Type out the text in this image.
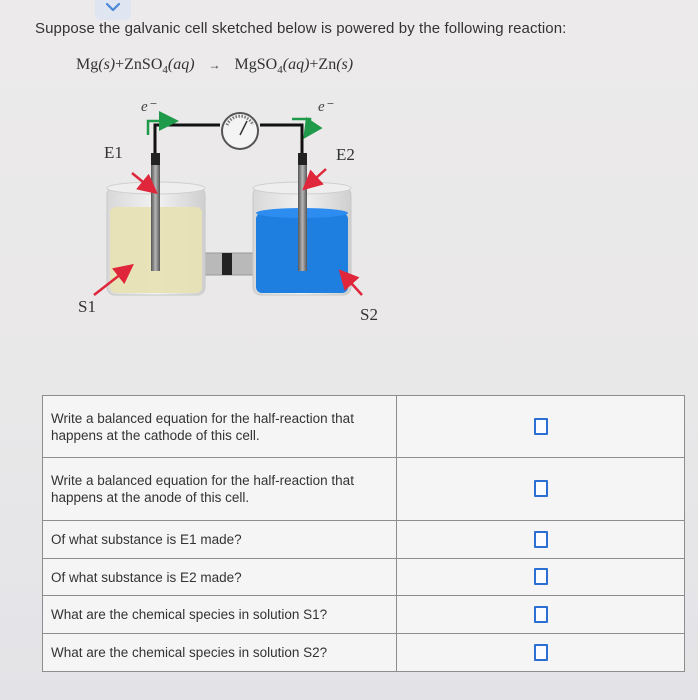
Suppose the galvanic cell sketched below is powered by the following reaction:
Mg(s)+ZnSO$_4$(aq) → MgSO$_4$(aq)+Zn(s)
e⁻	e⁻
E1	E2
S1	S2
Write a balanced equation for the half-reaction that happens at the cathode of this cell.	
Write a balanced equation for the half-reaction that happens at the anode of this cell.	
Of what substance is E1 made?	
Of what substance is E2 made?	
What are the chemical species in solution S1?	
What are the chemical species in solution S2?	
